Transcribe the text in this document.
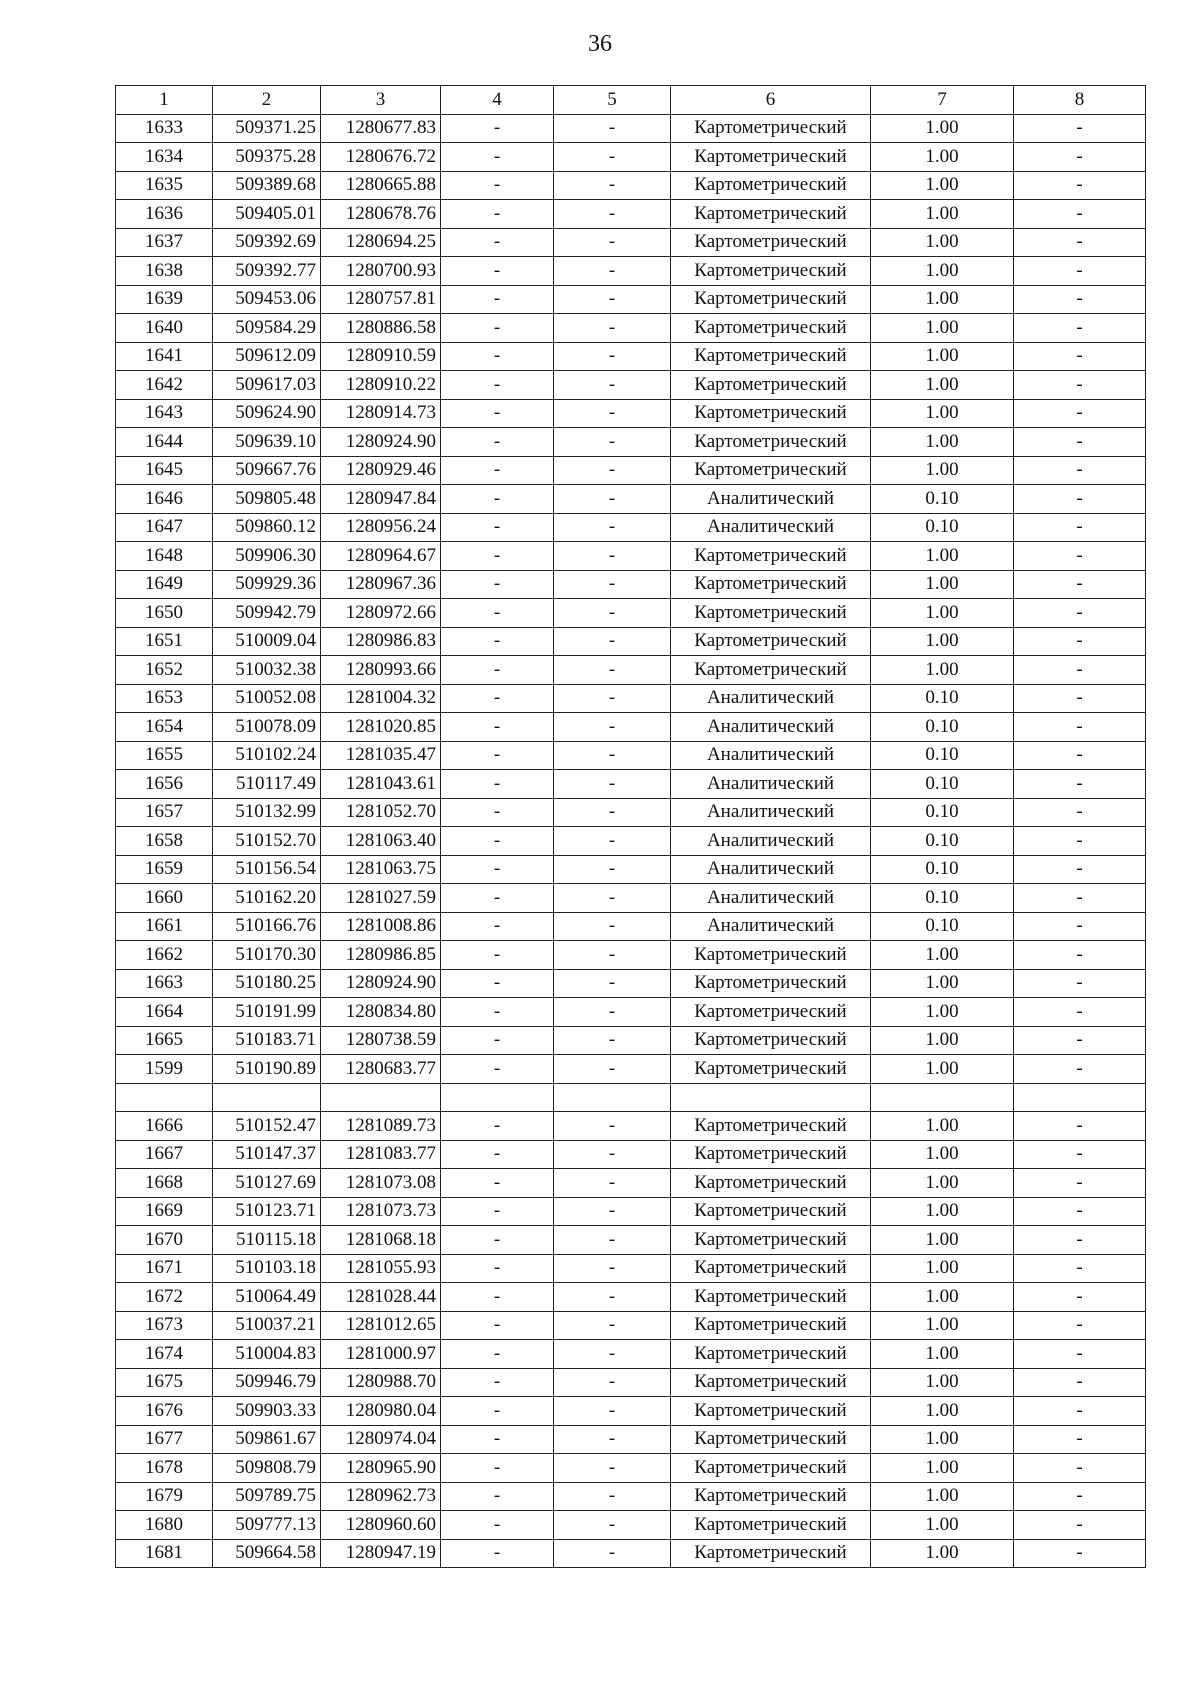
36
1	2	3	4	5	6	7	8
1633	509371.25	1280677.83	-	-	Картометрический	1.00	-
1634	509375.28	1280676.72	-	-	Картометрический	1.00	-
1635	509389.68	1280665.88	-	-	Картометрический	1.00	-
1636	509405.01	1280678.76	-	-	Картометрический	1.00	-
1637	509392.69	1280694.25	-	-	Картометрический	1.00	-
1638	509392.77	1280700.93	-	-	Картометрический	1.00	-
1639	509453.06	1280757.81	-	-	Картометрический	1.00	-
1640	509584.29	1280886.58	-	-	Картометрический	1.00	-
1641	509612.09	1280910.59	-	-	Картометрический	1.00	-
1642	509617.03	1280910.22	-	-	Картометрический	1.00	-
1643	509624.90	1280914.73	-	-	Картометрический	1.00	-
1644	509639.10	1280924.90	-	-	Картометрический	1.00	-
1645	509667.76	1280929.46	-	-	Картометрический	1.00	-
1646	509805.48	1280947.84	-	-	Аналитический	0.10	-
1647	509860.12	1280956.24	-	-	Аналитический	0.10	-
1648	509906.30	1280964.67	-	-	Картометрический	1.00	-
1649	509929.36	1280967.36	-	-	Картометрический	1.00	-
1650	509942.79	1280972.66	-	-	Картометрический	1.00	-
1651	510009.04	1280986.83	-	-	Картометрический	1.00	-
1652	510032.38	1280993.66	-	-	Картометрический	1.00	-
1653	510052.08	1281004.32	-	-	Аналитический	0.10	-
1654	510078.09	1281020.85	-	-	Аналитический	0.10	-
1655	510102.24	1281035.47	-	-	Аналитический	0.10	-
1656	510117.49	1281043.61	-	-	Аналитический	0.10	-
1657	510132.99	1281052.70	-	-	Аналитический	0.10	-
1658	510152.70	1281063.40	-	-	Аналитический	0.10	-
1659	510156.54	1281063.75	-	-	Аналитический	0.10	-
1660	510162.20	1281027.59	-	-	Аналитический	0.10	-
1661	510166.76	1281008.86	-	-	Аналитический	0.10	-
1662	510170.30	1280986.85	-	-	Картометрический	1.00	-
1663	510180.25	1280924.90	-	-	Картометрический	1.00	-
1664	510191.99	1280834.80	-	-	Картометрический	1.00	-
1665	510183.71	1280738.59	-	-	Картометрический	1.00	-
1599	510190.89	1280683.77	-	-	Картометрический	1.00	-

1666	510152.47	1281089.73	-	-	Картометрический	1.00	-
1667	510147.37	1281083.77	-	-	Картометрический	1.00	-
1668	510127.69	1281073.08	-	-	Картометрический	1.00	-
1669	510123.71	1281073.73	-	-	Картометрический	1.00	-
1670	510115.18	1281068.18	-	-	Картометрический	1.00	-
1671	510103.18	1281055.93	-	-	Картометрический	1.00	-
1672	510064.49	1281028.44	-	-	Картометрический	1.00	-
1673	510037.21	1281012.65	-	-	Картометрический	1.00	-
1674	510004.83	1281000.97	-	-	Картометрический	1.00	-
1675	509946.79	1280988.70	-	-	Картометрический	1.00	-
1676	509903.33	1280980.04	-	-	Картометрический	1.00	-
1677	509861.67	1280974.04	-	-	Картометрический	1.00	-
1678	509808.79	1280965.90	-	-	Картометрический	1.00	-
1679	509789.75	1280962.73	-	-	Картометрический	1.00	-
1680	509777.13	1280960.60	-	-	Картометрический	1.00	-
1681	509664.58	1280947.19	-	-	Картометрический	1.00	-
